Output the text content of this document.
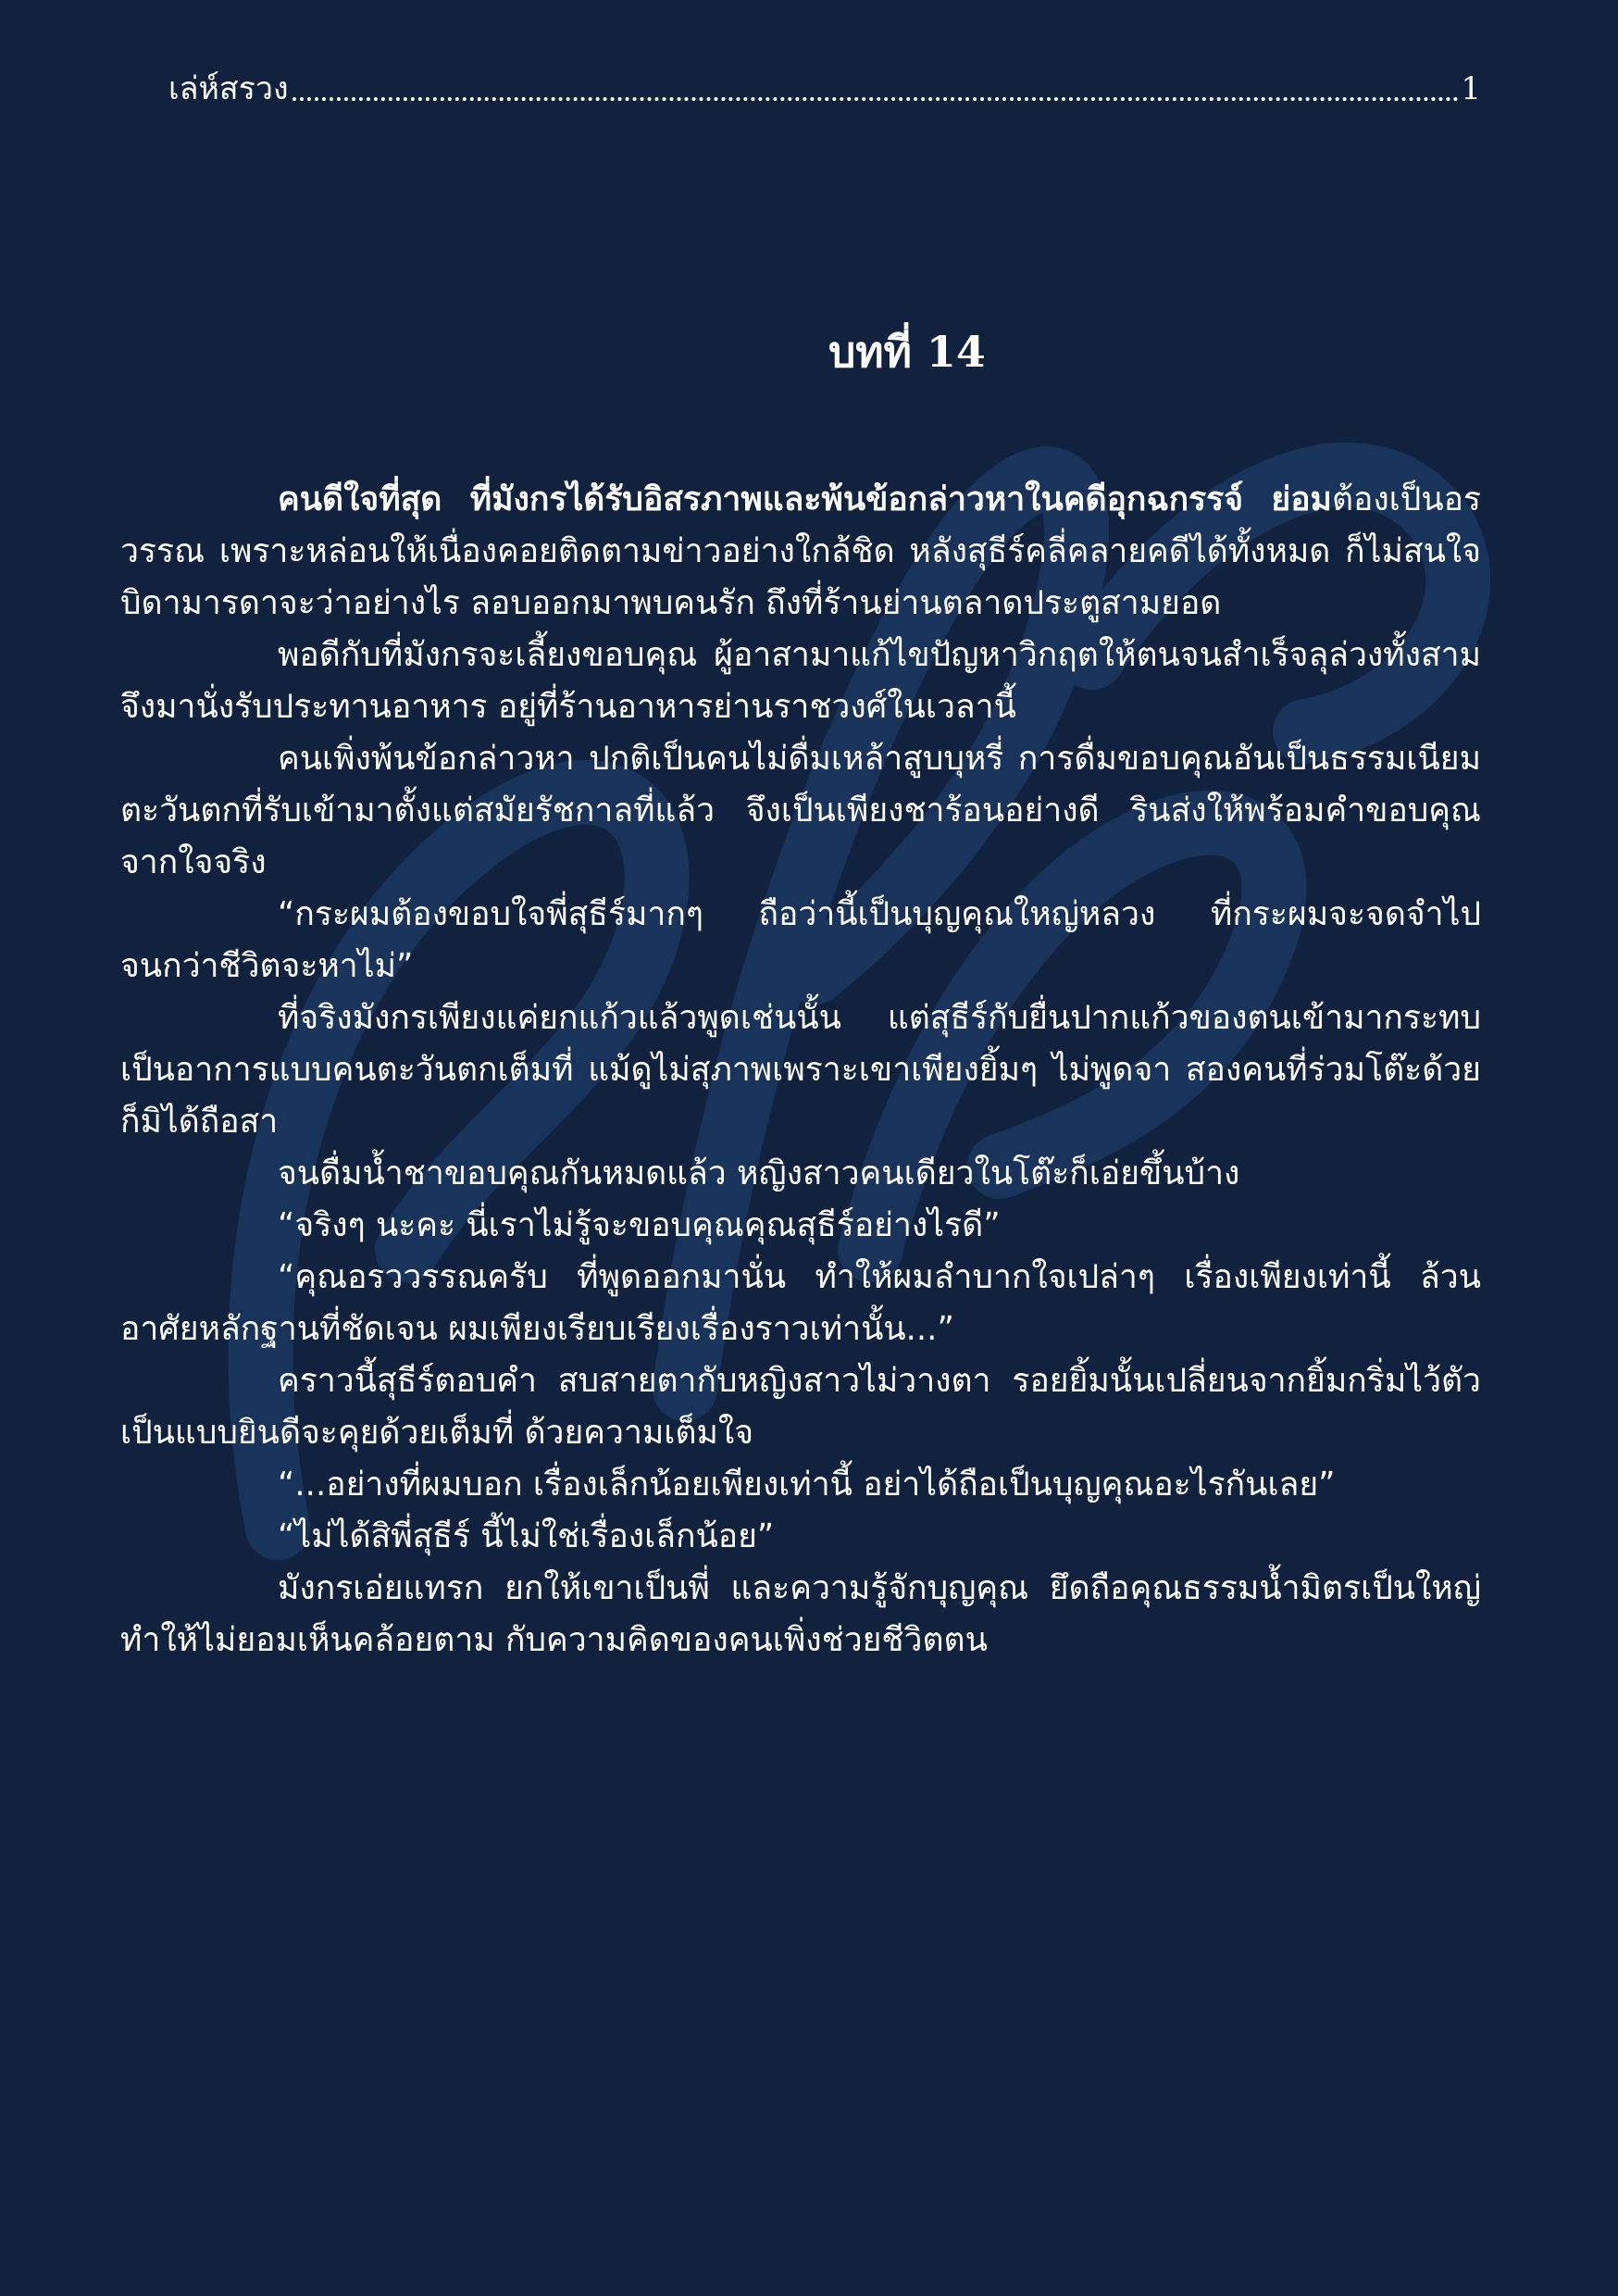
เล่ห์สรวง	1
บทที่ 14

คนดีใจที่สุด ที่มังกรได้รับอิสรภาพและพ้นข้อกล่าวหาในคดีอุกฉกรรจ์ ย่อมต้องเป็นอรวรรณ เพราะหล่อนให้เนื่องคอยติดตามข่าวอย่างใกล้ชิด หลังสุธีร์คลี่คลายคดีได้ทั้งหมด ก็ไม่สนใจบิดามารดาจะว่าอย่างไร ลอบออกมาพบคนรัก ถึงที่ร้านย่านตลาดประตูสามยอด

พอดีกับที่มังกรจะเลี้ยงขอบคุณ ผู้อาสามาแก้ไขปัญหาวิกฤตให้ตนจนสำเร็จลุล่วงทั้งสามจึงมานั่งรับประทานอาหาร อยู่ที่ร้านอาหารย่านราชวงศ์ในเวลานี้

คนเพิ่งพ้นข้อกล่าวหา ปกติเป็นคนไม่ดื่มเหล้าสูบบุหรี่ การดื่มขอบคุณอันเป็นธรรมเนียมตะวันตกที่รับเข้ามาตั้งแต่สมัยรัชกาลที่แล้ว จึงเป็นเพียงชาร้อนอย่างดี รินส่งให้พร้อมคำขอบคุณจากใจจริง

“กระผมต้องขอบใจพี่สุธีร์มากๆ ถือว่านี้เป็นบุญคุณใหญ่หลวง ที่กระผมจะจดจำไปจนกว่าชีวิตจะหาไม่”

ที่จริงมังกรเพียงแค่ยกแก้วแล้วพูดเช่นนั้น แต่สุธีร์กับยื่นปากแก้วของตนเข้ามากระทบ เป็นอาการแบบคนตะวันตกเต็มที่ แม้ดูไม่สุภาพเพราะเขาเพียงยิ้มๆ ไม่พูดจา สองคนที่ร่วมโต๊ะด้วยก็มิได้ถือสา

จนดื่มน้ำชาขอบคุณกันหมดแล้ว หญิงสาวคนเดียวในโต๊ะก็เอ่ยขึ้นบ้าง

“จริงๆ นะคะ นี่เราไม่รู้จะขอบคุณคุณสุธีร์อย่างไรดี”

“คุณอรววรรณครับ ที่พูดออกมานั่น ทำให้ผมลำบากใจเปล่าๆ เรื่องเพียงเท่านี้ ล้วนอาศัยหลักฐานที่ชัดเจน ผมเพียงเรียบเรียงเรื่องราวเท่านั้น...”

คราวนี้สุธีร์ตอบคำ สบสายตากับหญิงสาวไม่วางตา รอยยิ้มนั้นเปลี่ยนจากยิ้มกริ่มไว้ตัว เป็นแบบยินดีจะคุยด้วยเต็มที่ ด้วยความเต็มใจ

“...อย่างที่ผมบอก เรื่องเล็กน้อยเพียงเท่านี้ อย่าได้ถือเป็นบุญคุณอะไรกันเลย”

“ไม่ได้สิพี่สุธีร์ นี้ไม่ใช่เรื่องเล็กน้อย”

มังกรเอ่ยแทรก ยกให้เขาเป็นพี่ และความรู้จักบุญคุณ ยึดถือคุณธรรมน้ำมิตรเป็นใหญ่ ทำให้ไม่ยอมเห็นคล้อยตาม กับความคิดของคนเพิ่งช่วยชีวิตตน
